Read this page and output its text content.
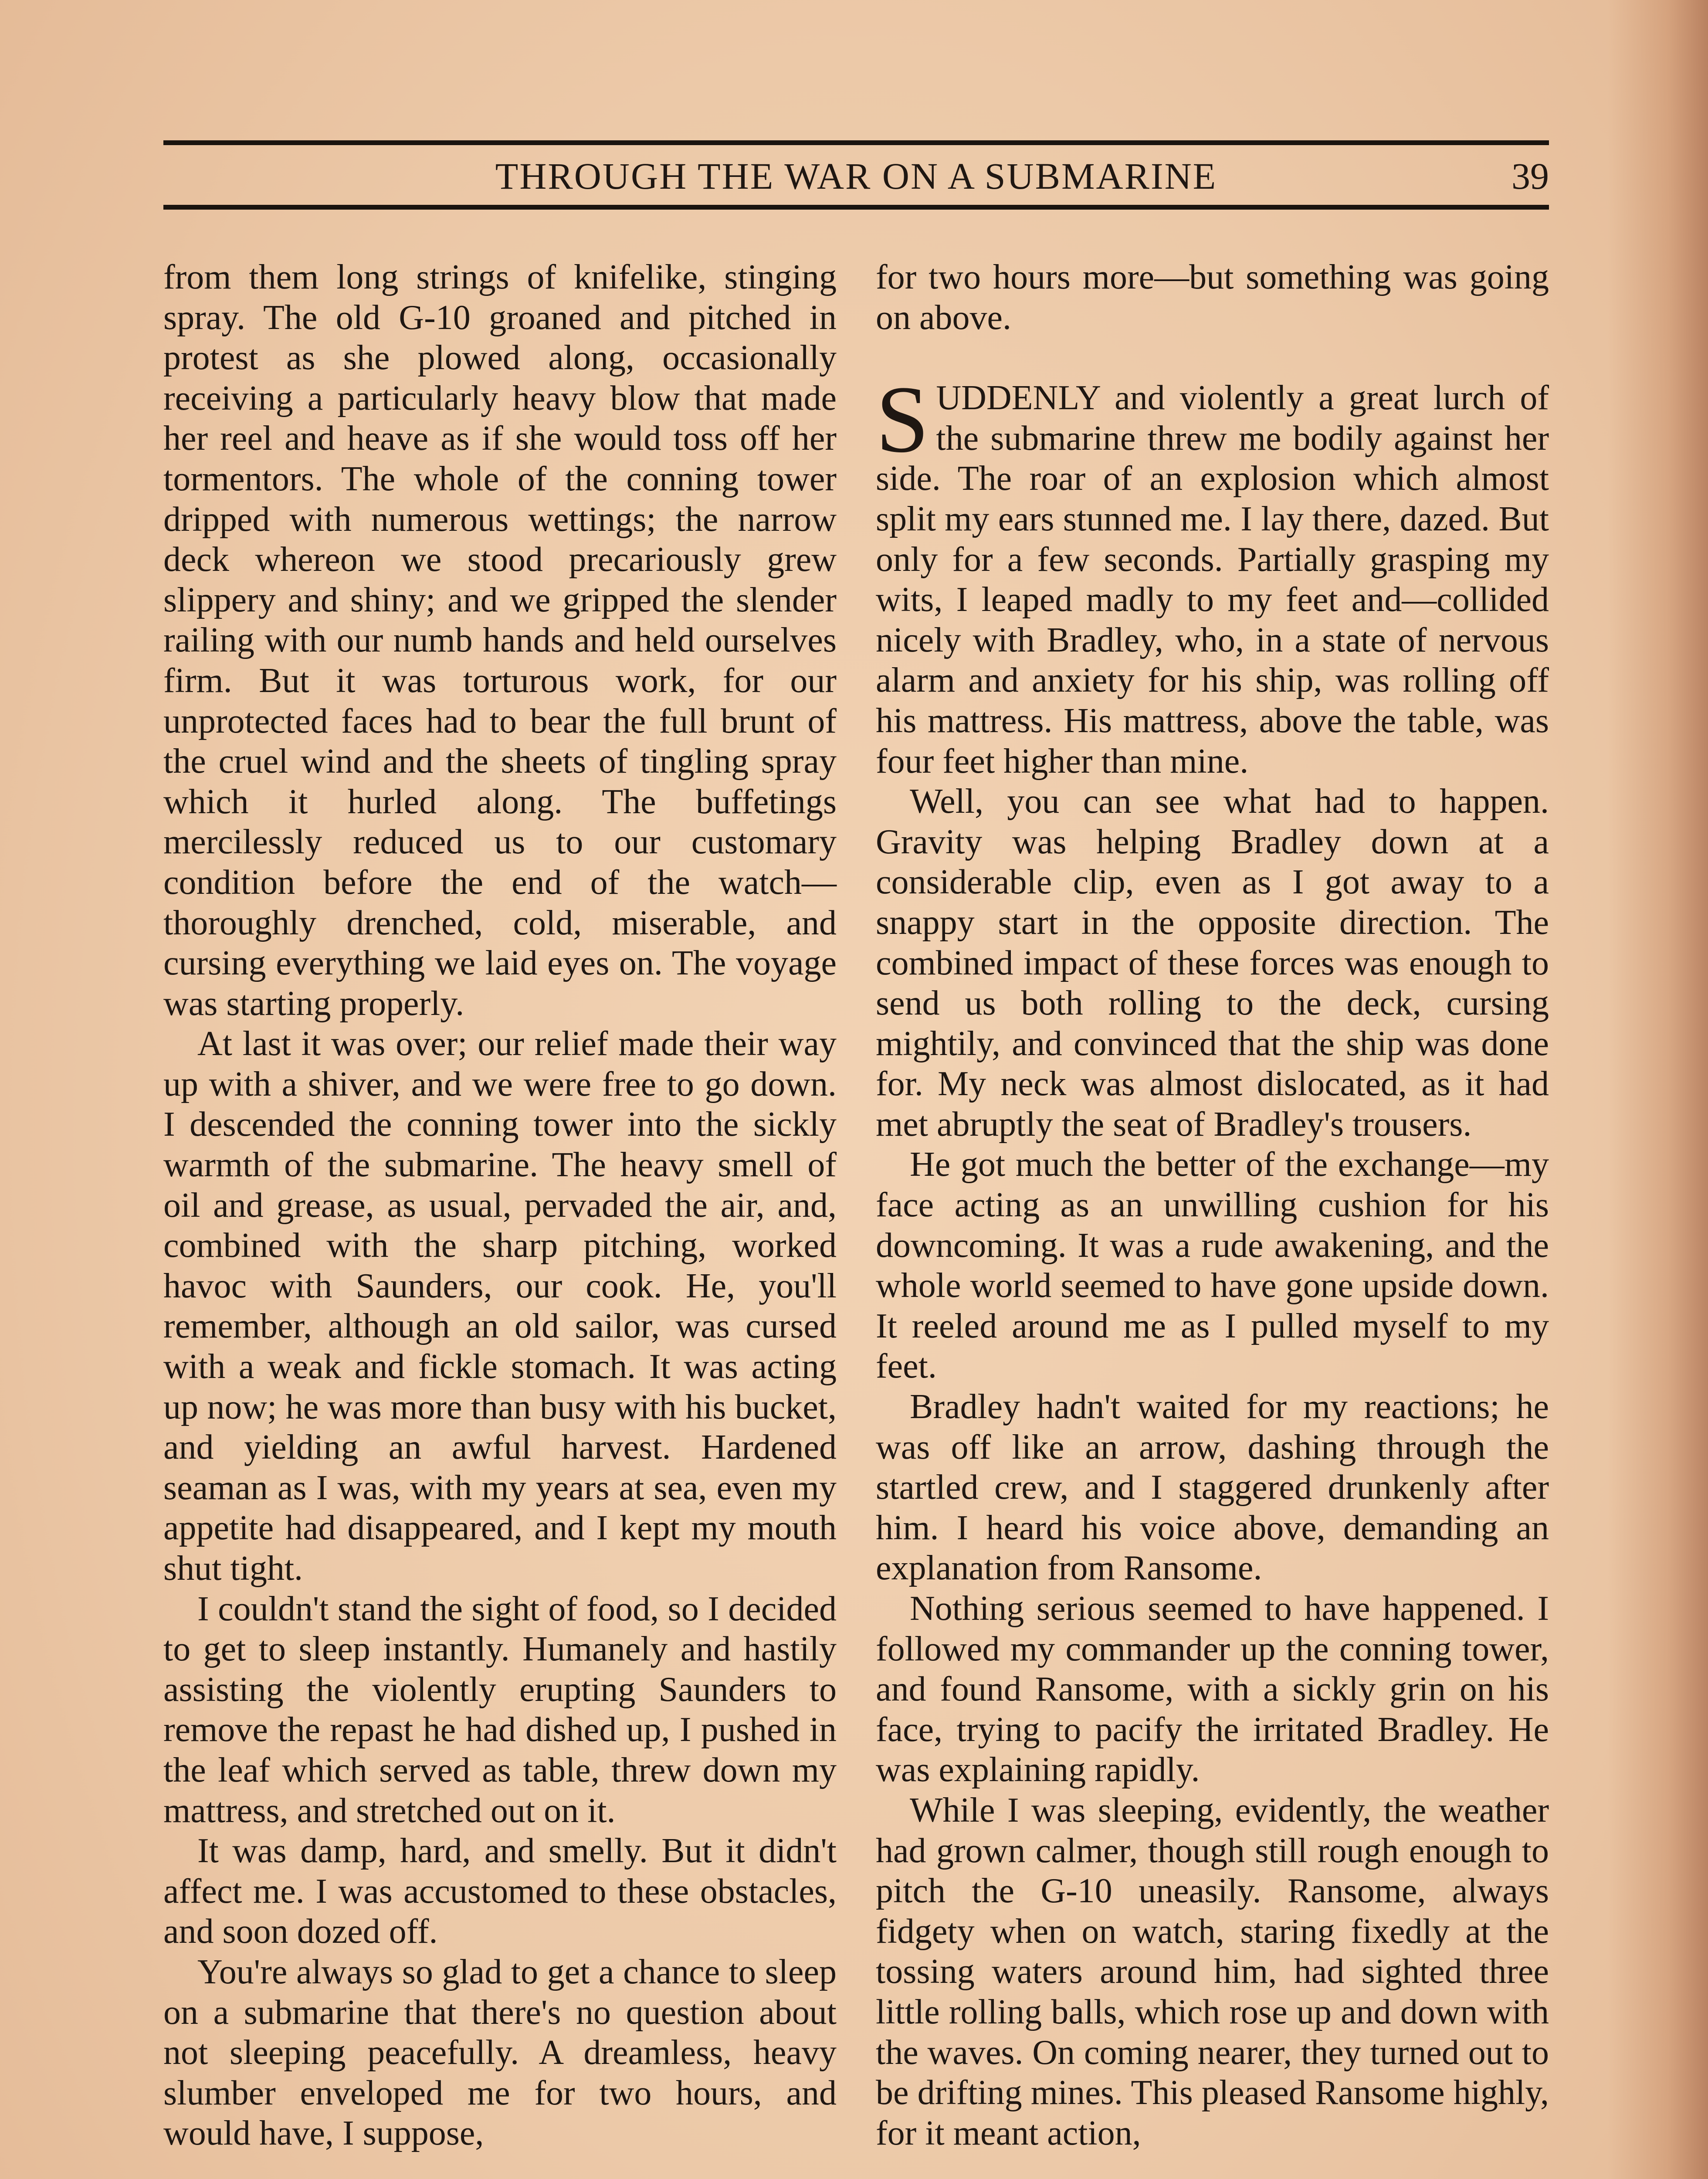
THROUGH THE WAR ON A SUBMARINE	39

from them long strings of knifelike, stinging spray. The old G-10 groaned and pitched in protest as she plowed along, occasionally receiving a particularly heavy blow that made her reel and heave as if she would toss off her tormentors. The whole of the conning tower dripped with numerous wettings; the narrow deck whereon we stood precariously grew slippery and shiny; and we gripped the slender railing with our numb hands and held ourselves firm. But it was torturous work, for our unprotected faces had to bear the full brunt of the cruel wind and the sheets of tingling spray which it hurled along. The buffetings mercilessly reduced us to our customary condition before the end of the watch—thoroughly drenched, cold, miserable, and cursing everything we laid eyes on. The voyage was starting properly.

At last it was over; our relief made their way up with a shiver, and we were free to go down. I descended the conning tower into the sickly warmth of the submarine. The heavy smell of oil and grease, as usual, pervaded the air, and, combined with the sharp pitching, worked havoc with Saunders, our cook. He, you'll remember, although an old sailor, was cursed with a weak and fickle stomach. It was acting up now; he was more than busy with his bucket, and yielding an awful harvest. Hardened seaman as I was, with my years at sea, even my appetite had disappeared, and I kept my mouth shut tight.

I couldn't stand the sight of food, so I decided to get to sleep instantly. Humanely and hastily assisting the violently erupting Saunders to remove the repast he had dished up, I pushed in the leaf which served as table, threw down my mattress, and stretched out on it.

It was damp, hard, and smelly. But it didn't affect me. I was accustomed to these obstacles, and soon dozed off.

You're always so glad to get a chance to sleep on a submarine that there's no question about not sleeping peacefully. A dreamless, heavy slumber enveloped me for two hours, and would have, I suppose,

for two hours more—but something was going on above.

SUDDENLY and violently a great lurch of the submarine threw me bodily against her side. The roar of an explosion which almost split my ears stunned me. I lay there, dazed. But only for a few seconds. Partially grasping my wits, I leaped madly to my feet and—collided nicely with Bradley, who, in a state of nervous alarm and anxiety for his ship, was rolling off his mattress. His mattress, above the table, was four feet higher than mine.

Well, you can see what had to happen. Gravity was helping Bradley down at a considerable clip, even as I got away to a snappy start in the opposite direction. The combined impact of these forces was enough to send us both rolling to the deck, cursing mightily, and convinced that the ship was done for. My neck was almost dislocated, as it had met abruptly the seat of Bradley's trousers.

He got much the better of the exchange—my face acting as an unwilling cushion for his downcoming. It was a rude awakening, and the whole world seemed to have gone upside down. It reeled around me as I pulled myself to my feet.

Bradley hadn't waited for my reactions; he was off like an arrow, dashing through the startled crew, and I staggered drunkenly after him. I heard his voice above, demanding an explanation from Ransome.

Nothing serious seemed to have happened. I followed my commander up the conning tower, and found Ransome, with a sickly grin on his face, trying to pacify the irritated Bradley. He was explaining rapidly.

While I was sleeping, evidently, the weather had grown calmer, though still rough enough to pitch the G-10 uneasily. Ransome, always fidgety when on watch, staring fixedly at the tossing waters around him, had sighted three little rolling balls, which rose up and down with the waves. On coming nearer, they turned out to be drifting mines. This pleased Ransome highly, for it meant action,
